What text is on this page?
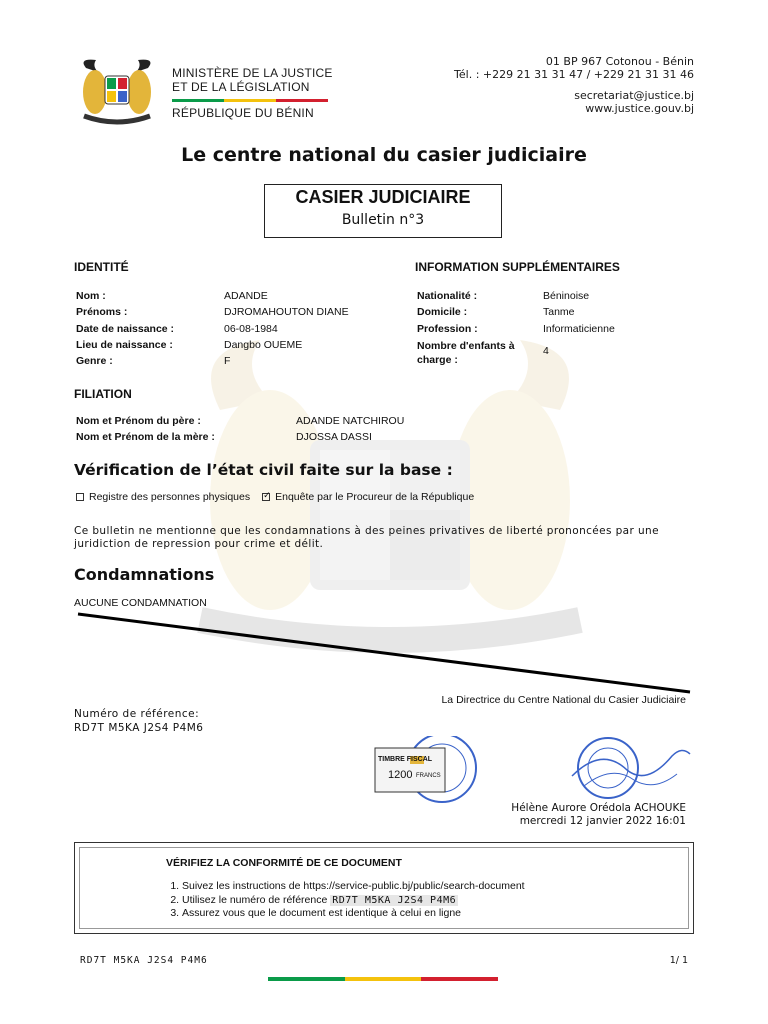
MINISTÈRE DE LA JUSTICE
ET DE LA LÉGISLATION
RÉPUBLIQUE DU BÉNIN
01 BP 967 Cotonou - Bénin
Tél. : +229 21 31 31 47 / +229 21 31 31 46
secretariat@justice.bj
www.justice.gouv.bj
Le centre national du casier judiciaire
CASIER JUDICIAIRE
Bulletin n°3
IDENTITÉ
Nom :	ADANDE
Prénoms :	DJROMAHOUTON DIANE
Date de naissance :	06-08-1984
Lieu de naissance :	Dangbo OUEME
Genre :	F
INFORMATION SUPPLÉMENTAIRES
Nationalité :	Béninoise
Domicile :	Tanme
Profession :	Informaticienne
Nombre d'enfants à
charge :
4
FILIATION
Nom et Prénom du père :	ADANDE NATCHIROU
Nom et Prénom de la mère :	DJOSSA DASSI
Vérification de l’état civil faite sur la base :
Registre des personnes physiques
✓ Enquête par le Procureur de la République
Ce bulletin ne mentionne que les condamnations à des peines privatives de liberté prononcées par une juridiction de repression pour crime et délit.
Condamnations
AUCUNE CONDAMNATION
La Directrice du Centre National du Casier Judiciaire
Numéro de référence:
RD7T M5KA J2S4 P4M6
TIMBRE FISCAL
1200 FRANCS
Hélène Aurore Orédola ACHOUKE
mercredi 12 janvier 2022 16:01
VÉRIFIEZ LA CONFORMITÉ DE CE DOCUMENT
1. Suivez les instructions de https://service-public.bj/public/search-document
2. Utilisez le numéro de référence RD7T M5KA J2S4 P4M6
3. Assurez vous que le document est identique à celui en ligne
RD7T M5KA J2S4 P4M6	1/ 1
